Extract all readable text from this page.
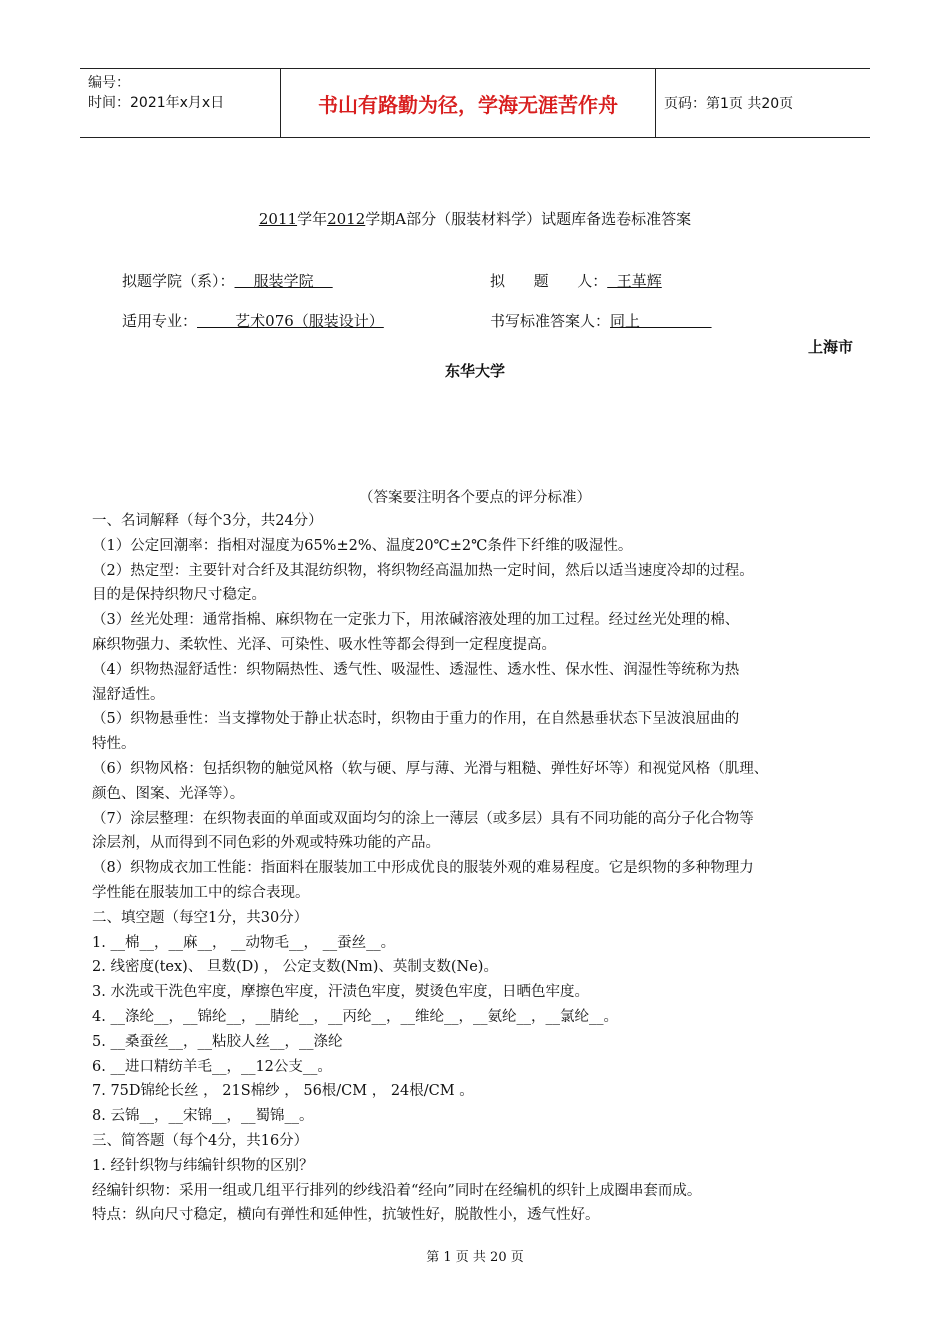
编号：
时间：2021年x月x日	书山有路勤为径，学海无涯苦作舟	页码：第1页 共20页
2011学年2012学期A部分（服装材料学）试题库备选卷标准答案
拟题学院（系）：    服装学院	拟      题      人：  王革辉
适用专业：        艺术076（服装设计）	书写标准答案人：同上
上海市
东华大学
（答案要注明各个要点的评分标准）
一、名词解释（每个3分，共24分）
（1）公定回潮率：指相对湿度为65%±2%、温度20℃±2℃条件下纤维的吸湿性。
（2）热定型：主要针对合纤及其混纺织物，将织物经高温加热一定时间，然后以适当速度冷却的过程。
目的是保持织物尺寸稳定。
（3）丝光处理：通常指棉、麻织物在一定张力下，用浓碱溶液处理的加工过程。经过丝光处理的棉、
麻织物强力、柔软性、光泽、可染性、吸水性等都会得到一定程度提高。
（4）织物热湿舒适性：织物隔热性、透气性、吸湿性、透湿性、透水性、保水性、润湿性等统称为热
湿舒适性。
（5）织物悬垂性：当支撑物处于静止状态时，织物由于重力的作用，在自然悬垂状态下呈波浪屈曲的
特性。
（6）织物风格：包括织物的触觉风格（软与硬、厚与薄、光滑与粗糙、弹性好坏等）和视觉风格（肌理、
颜色、图案、光泽等）。
（7）涂层整理：在织物表面的单面或双面均匀的涂上一薄层（或多层）具有不同功能的高分子化合物等
涂层剂，从而得到不同色彩的外观或特殊功能的产品。
（8）织物成衣加工性能：指面料在服装加工中形成优良的服装外观的难易程度。它是织物的多种物理力
学性能在服装加工中的综合表现。
二、填空题（每空1分，共30分）
1. __棉__，__麻__， __动物毛__， __蚕丝__。
2. 线密度(tex)、 旦数(D) ， 公定支数(Nm)、英制支数(Ne)。
3. 水洗或干洗色牢度，摩擦色牢度，汗渍色牢度，熨烫色牢度，日晒色牢度。
4. __涤纶__，__锦纶__，__腈纶__，__丙纶__，__维纶__，__氨纶__，__氯纶__。
5. __桑蚕丝__，__粘胶人丝__，__涤纶
6. __进口精纺羊毛__，__12公支__。
7. 75D锦纶长丝 ， 21S棉纱 ， 56根/CM ， 24根/CM 。
8. 云锦__，__宋锦__，__蜀锦__。
三、简答题（每个4分，共16分）
1. 经针织物与纬编针织物的区别？
经编针织物：采用一组或几组平行排列的纱线沿着“经向”同时在经编机的织针上成圈串套而成。
特点：纵向尺寸稳定，横向有弹性和延伸性，抗皱性好，脱散性小，透气性好。
第 1 页 共 20 页
